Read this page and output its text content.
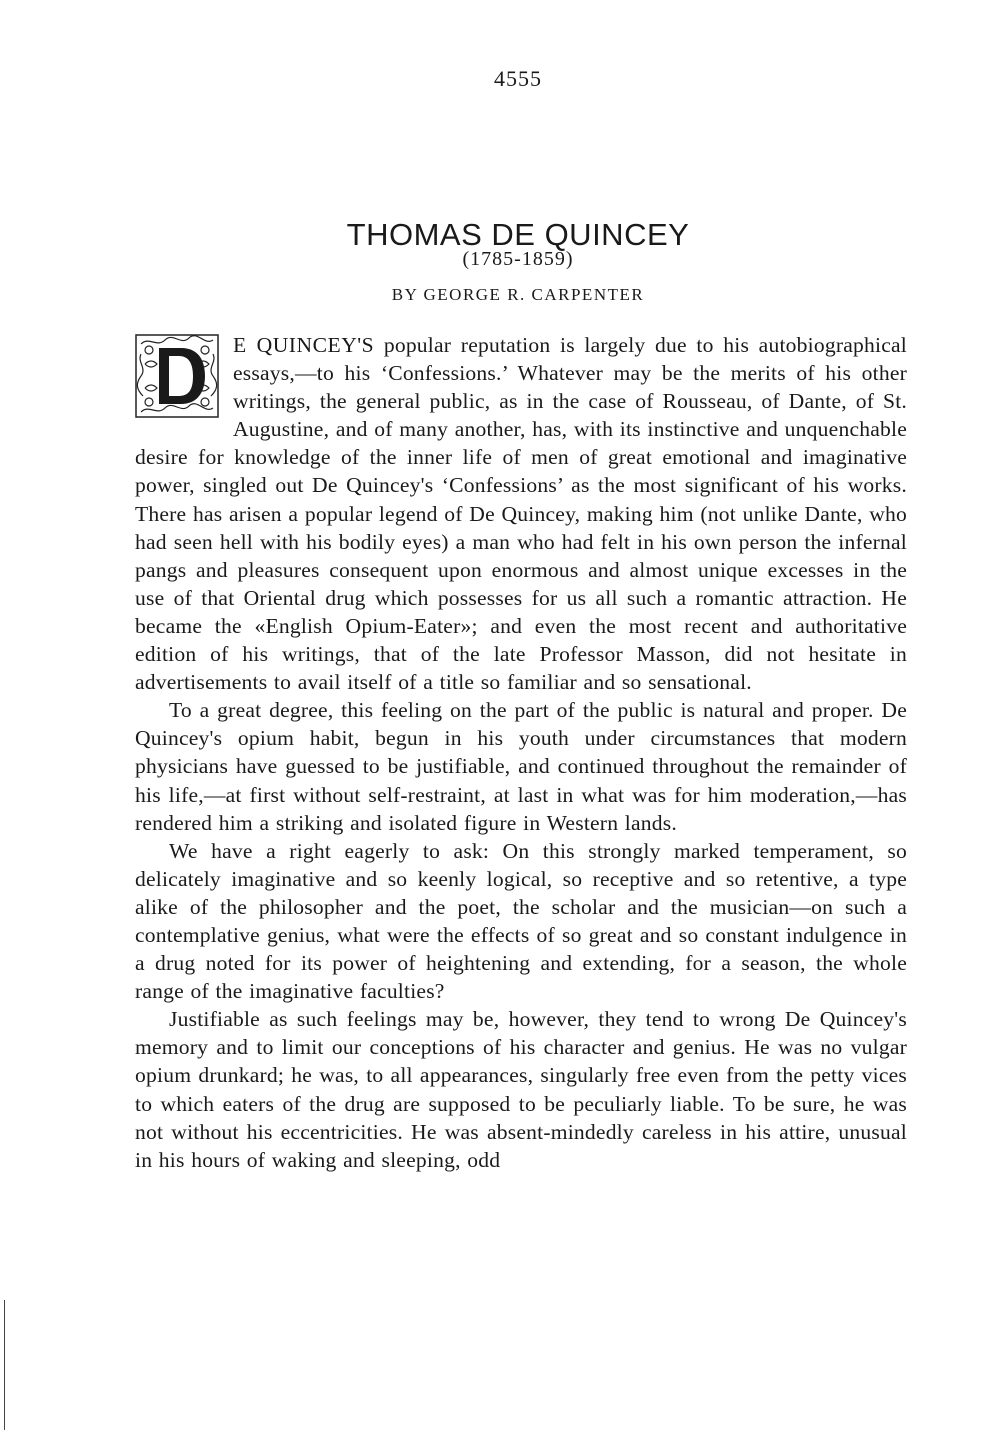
4555
THOMAS DE QUINCEY
(1785-1859)
BY GEORGE R. CARPENTER

E QUINCEY'S popular reputation is largely due to his autobiographical essays,—to his ‘Confessions.’ Whatever may be the merits of his other writings, the general public, as in the case of Rousseau, of Dante, of St. Augustine, and of many another, has, with its instinctive and unquenchable desire for knowledge of the inner life of men of great emotional and imaginative power, singled out De Quincey's ‘Confessions’ as the most significant of his works. There has arisen a popular legend of De Quincey, making him (not unlike Dante, who had seen hell with his bodily eyes) a man who had felt in his own person the infernal pangs and pleasures consequent upon enormous and almost unique excesses in the use of that Oriental drug which possesses for us all such a romantic attraction. He became the «English Opium-Eater»; and even the most recent and authoritative edition of his writings, that of the late Professor Masson, did not hesitate in advertisements to avail itself of a title so familiar and so sensational.

To a great degree, this feeling on the part of the public is natural and proper. De Quincey's opium habit, begun in his youth under circumstances that modern physicians have guessed to be justifiable, and continued throughout the remainder of his life,—at first without self-restraint, at last in what was for him moderation,—has rendered him a striking and isolated figure in Western lands.

We have a right eagerly to ask: On this strongly marked temperament, so delicately imaginative and so keenly logical, so receptive and so retentive, a type alike of the philosopher and the poet, the scholar and the musician—on such a contemplative genius, what were the effects of so great and so constant indulgence in a drug noted for its power of heightening and extending, for a season, the whole range of the imaginative faculties?

Justifiable as such feelings may be, however, they tend to wrong De Quincey's memory and to limit our conceptions of his character and genius. He was no vulgar opium drunkard; he was, to all appearances, singularly free even from the petty vices to which eaters of the drug are supposed to be peculiarly liable. To be sure, he was not without his eccentricities. He was absent-mindedly careless in his attire, unusual in his hours of waking and sleeping, odd
